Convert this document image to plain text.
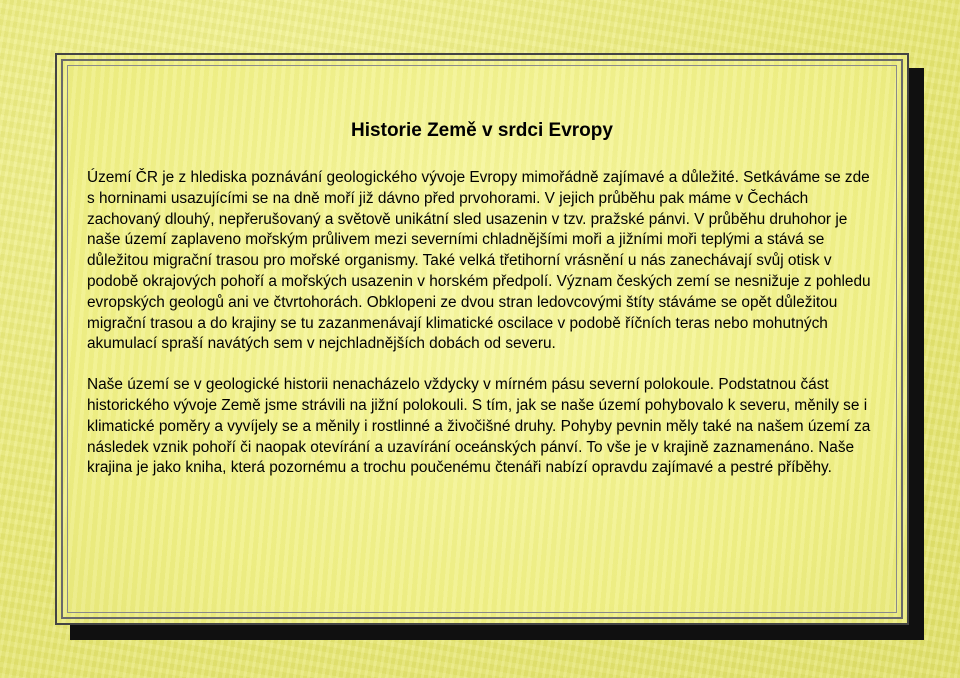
Historie Země v srdci Evropy

Území ČR je z hlediska poznávání geologického vývoje Evropy mimořádně zajímavé a důležité. Setkáváme se zde s horninami usazujícími se na dně moří již dávno před prvohorami. V jejich průběhu pak máme v Čechách zachovaný dlouhý, nepřerušovaný a světově unikátní sled usazenin v tzv. pražské pánvi. V průběhu druhohor je naše území zaplaveno mořským průlivem mezi severními chladnějšími moři a jižními moři teplými a stává se důležitou migrační trasou pro mořské organismy. Také velká třetihorní vrásnění u nás zanechávají svůj otisk v podobě okrajových pohoří a mořských usazenin v horském předpolí. Význam českých zemí se nesnižuje z pohledu evropských geologů ani ve čtvrtohorách. Obklopeni ze dvou stran ledovcovými štíty stáváme se opět důležitou migrační trasou a do krajiny se tu zazanmenávají klimatické oscilace v podobě říčních teras nebo mohutných akumulací spraší navátých sem v nejchladnějších dobách od severu.

Naše území se v geologické historii nenacházelo vždycky v mírném pásu severní polokoule. Podstatnou část historického vývoje Země jsme strávili na jižní polokouli. S tím, jak se naše území pohybovalo k severu, měnily se i klimatické poměry a vyvíjely se a měnily i rostlinné a živočišné druhy. Pohyby pevnin měly také na našem území za následek vznik pohoří či naopak otevírání a uzavírání oceánských pánví. To vše je v krajině zaznamenáno. Naše krajina je jako kniha, která pozornému a trochu poučenému čtenáři nabízí opravdu zajímavé a pestré příběhy.
